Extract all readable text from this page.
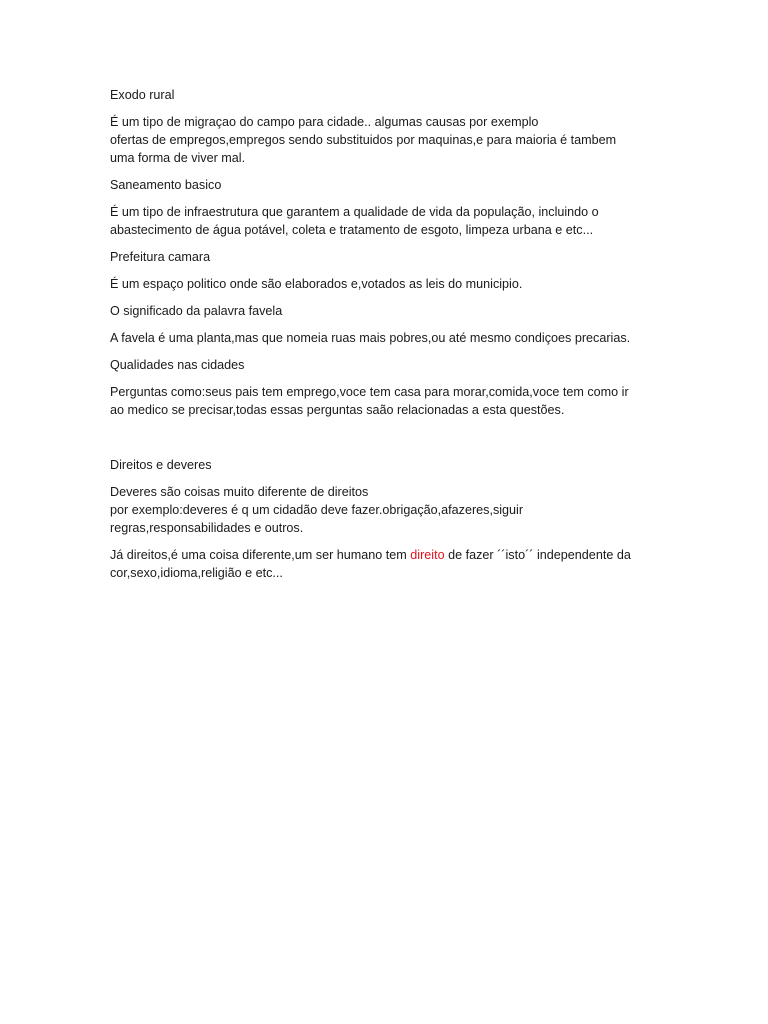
Exodo rural

É um tipo de migraçao do campo para cidade.. algumas causas por exemplo
ofertas de empregos,empregos sendo substituidos por maquinas,e para maioria é tambem
uma forma de viver mal.

Saneamento basico

É um tipo de infraestrutura que garantem a qualidade de vida da população, incluindo o
abastecimento de água potável, coleta e tratamento de esgoto, limpeza urbana e etc...

Prefeitura camara

É um espaço politico onde são elaborados e,votados as leis do municipio.

O significado da palavra favela

A favela é uma planta,mas que nomeia ruas mais pobres,ou até mesmo condiçoes precarias.

Qualidades nas cidades

Perguntas como:seus pais tem emprego,voce tem casa para morar,comida,voce tem como ir
ao medico se precisar,todas essas perguntas saão relacionadas a esta questões.

Direitos e deveres

Deveres são coisas muito diferente de direitos
por exemplo:deveres é q um cidadão deve fazer.obrigação,afazeres,siguir
regras,responsabilidades e outros.

Já direitos,é uma coisa diferente,um ser humano tem direito de fazer ´´isto´´ independente da
cor,sexo,idioma,religião e etc...
